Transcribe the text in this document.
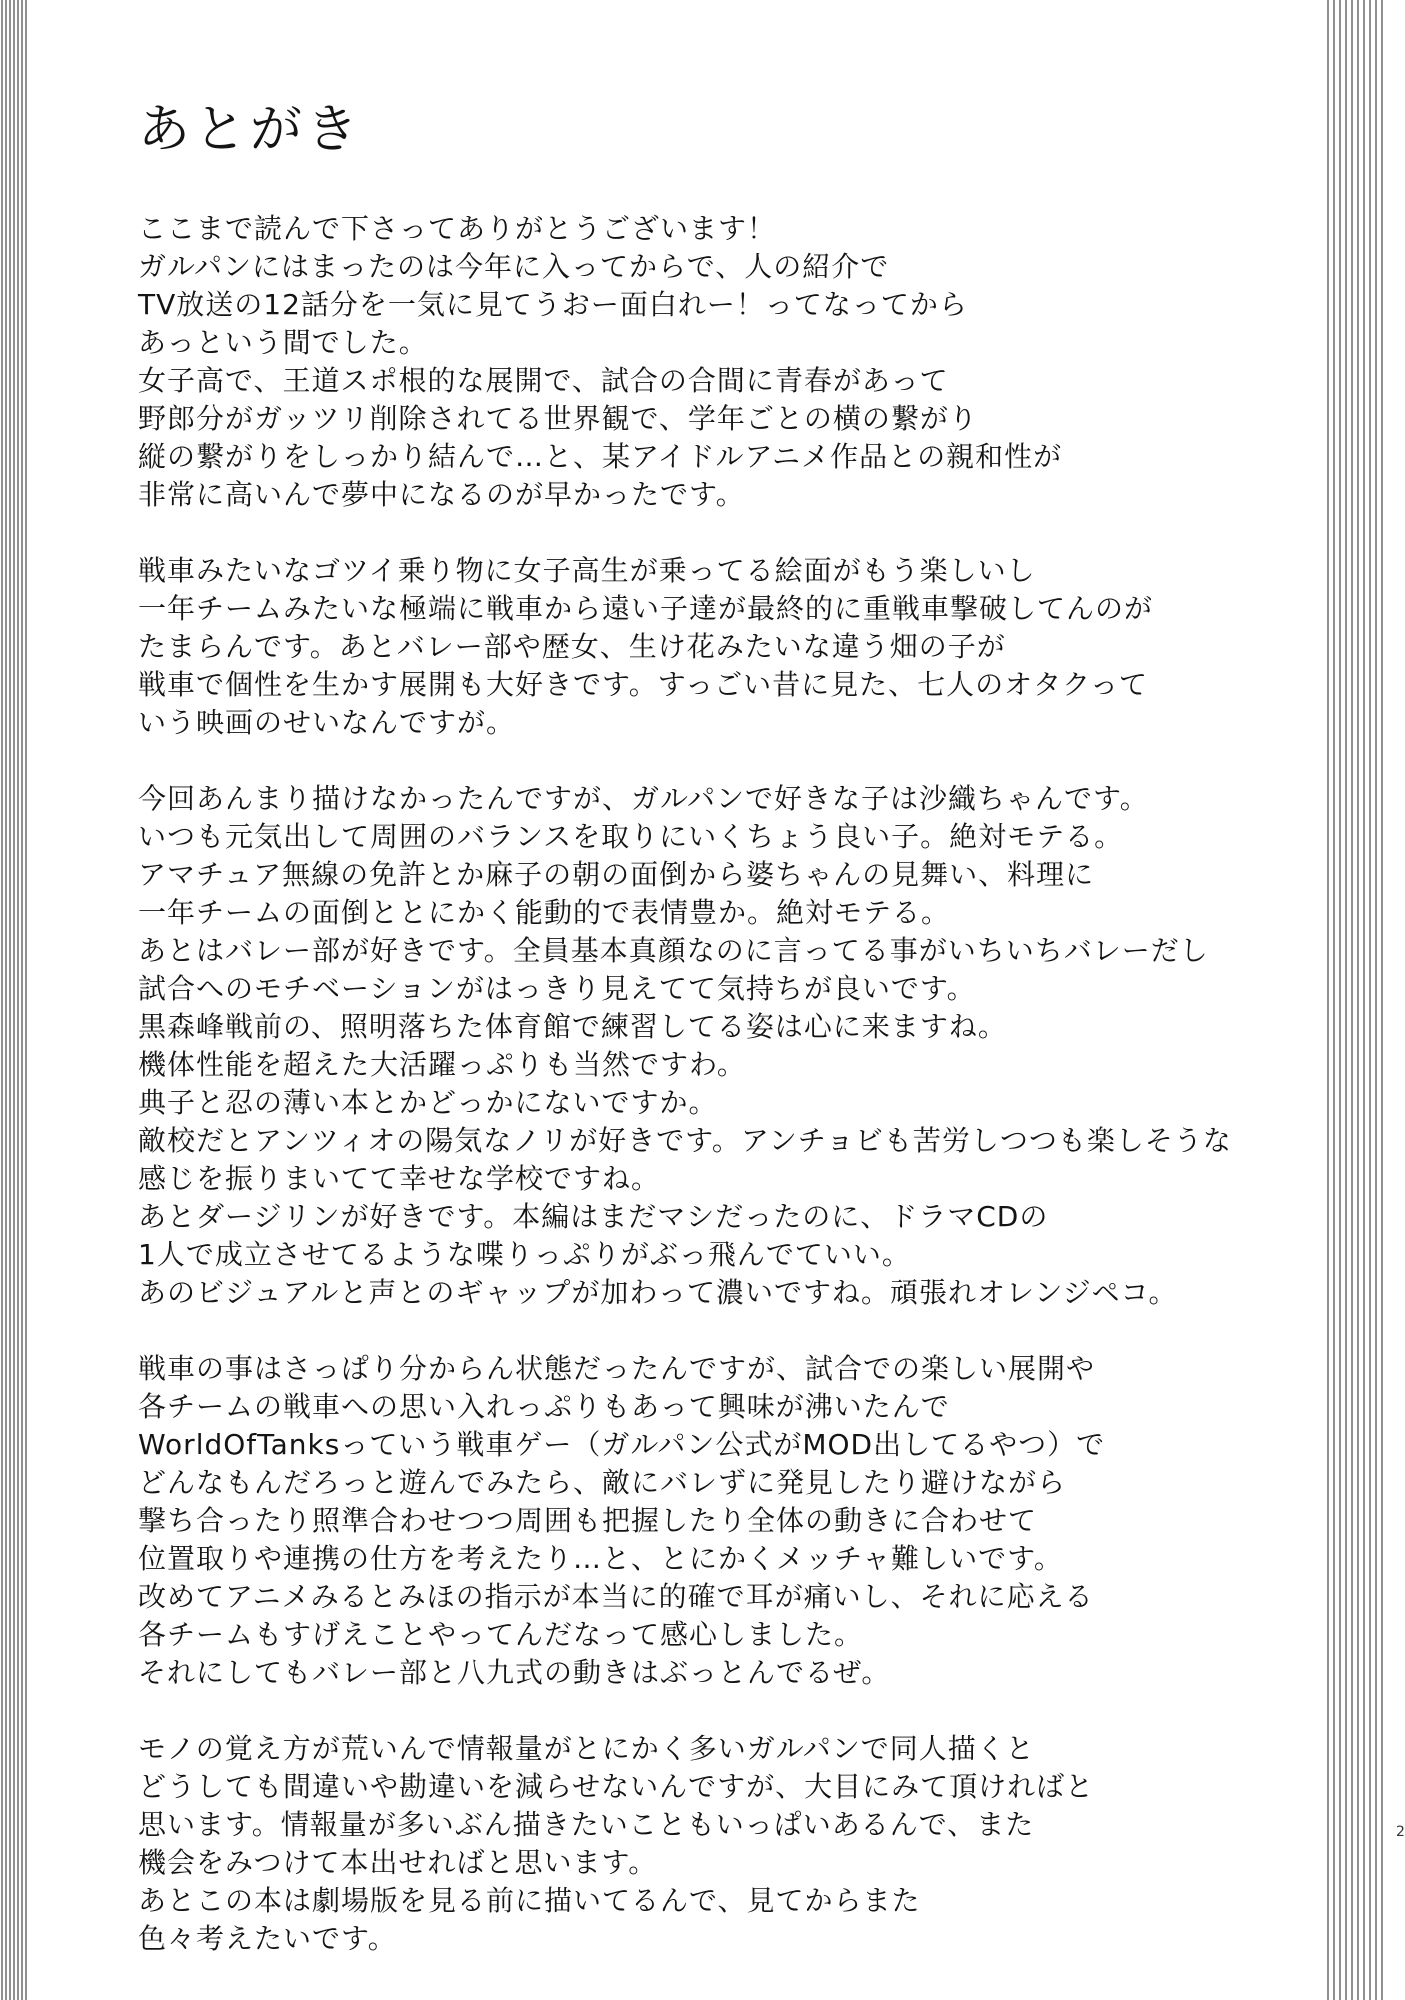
あとがき
ここまで読んで下さってありがとうございます！
ガルパンにはまったのは今年に入ってからで、人の紹介で
TV放送の12話分を一気に見てうおー面白れー！ってなってから
あっという間でした。
女子高で、王道スポ根的な展開で、試合の合間に青春があって
野郎分がガッツリ削除されてる世界観で、学年ごとの横の繋がり
縦の繋がりをしっかり結んで…と、某アイドルアニメ作品との親和性が
非常に高いんで夢中になるのが早かったです。
戦車みたいなゴツイ乗り物に女子高生が乗ってる絵面がもう楽しいし
一年チームみたいな極端に戦車から遠い子達が最終的に重戦車撃破してんのが
たまらんです。あとバレー部や歴女、生け花みたいな違う畑の子が
戦車で個性を生かす展開も大好きです。すっごい昔に見た、七人のオタクって
いう映画のせいなんですが。
今回あんまり描けなかったんですが、ガルパンで好きな子は沙織ちゃんです。
いつも元気出して周囲のバランスを取りにいくちょう良い子。絶対モテる。
アマチュア無線の免許とか麻子の朝の面倒から婆ちゃんの見舞い、料理に
一年チームの面倒ととにかく能動的で表情豊か。絶対モテる。
あとはバレー部が好きです。全員基本真顔なのに言ってる事がいちいちバレーだし
試合へのモチベーションがはっきり見えてて気持ちが良いです。
黒森峰戦前の、照明落ちた体育館で練習してる姿は心に来ますね。
機体性能を超えた大活躍っぷりも当然ですわ。
典子と忍の薄い本とかどっかにないですか。
敵校だとアンツィオの陽気なノリが好きです。アンチョビも苦労しつつも楽しそうな
感じを振りまいてて幸せな学校ですね。
あとダージリンが好きです。本編はまだマシだったのに、ドラマCDの
1人で成立させてるような喋りっぷりがぶっ飛んでていい。
あのビジュアルと声とのギャップが加わって濃いですね。頑張れオレンジペコ。
戦車の事はさっぱり分からん状態だったんですが、試合での楽しい展開や
各チームの戦車への思い入れっぷりもあって興味が沸いたんで
WorldOfTanksっていう戦車ゲー（ガルパン公式がMOD出してるやつ）で
どんなもんだろっと遊んでみたら、敵にバレずに発見したり避けながら
撃ち合ったり照準合わせつつ周囲も把握したり全体の動きに合わせて
位置取りや連携の仕方を考えたり…と、とにかくメッチャ難しいです。
改めてアニメみるとみほの指示が本当に的確で耳が痛いし、それに応える
各チームもすげえことやってんだなって感心しました。
それにしてもバレー部と八九式の動きはぶっとんでるぜ。
モノの覚え方が荒いんで情報量がとにかく多いガルパンで同人描くと
どうしても間違いや勘違いを減らせないんですが、大目にみて頂ければと
思います。情報量が多いぶん描きたいこともいっぱいあるんで、また
機会をみつけて本出せればと思います。
あとこの本は劇場版を見る前に描いてるんで、見てからまた
色々考えたいです。
2
